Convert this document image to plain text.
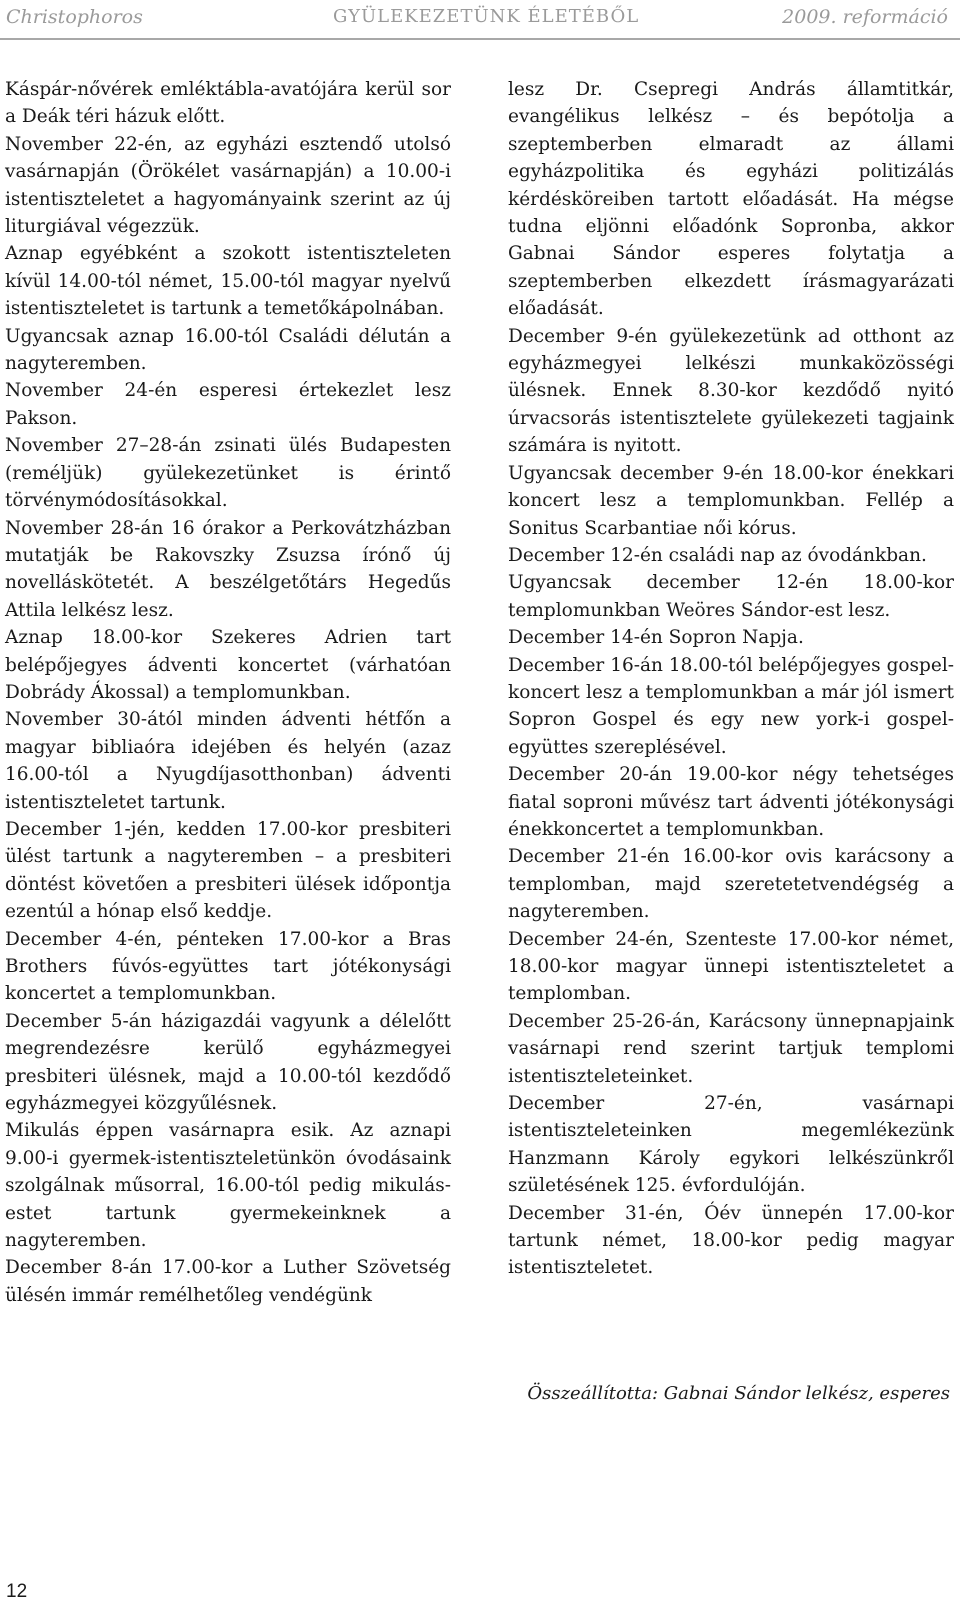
Christophoros	GYÜLEKEZETÜNK ÉLETÉBŐL	2009. reformáció

Káspár-nővérek emléktábla-avatójára kerül sor a Deák téri házuk előtt.

November 22-én, az egyházi esztendő utolsó vasárnapján (Örökélet vasárnapján) a 10.00-i istentiszteletet a hagyományaink szerint az új liturgiával végezzük.

Aznap egyébként a szokott istentiszteleten kívül 14.00-tól német, 15.00-tól magyar nyelvű istentiszteletet is tartunk a temetőkápolnában.

Ugyancsak aznap 16.00-tól Családi délután a nagyteremben.

November 24-én esperesi értekezlet lesz Pakson.

November 27–28-án zsinati ülés Budapesten (reméljük) gyülekezetünket is érintő törvénymódosításokkal.

November 28-án 16 órakor a Perkovátzházban mutatják be Rakovszky Zsuzsa írónő új novelláskötetét. A beszélgetőtárs Hegedűs Attila lelkész lesz.

Aznap 18.00-kor Szekeres Adrien tart belépőjegyes ádventi koncertet (várhatóan Dobrády Ákossal) a templomunkban.

November 30-ától minden ádventi hétfőn a magyar bibliaóra idejében és helyén (azaz 16.00-tól a Nyugdíjasotthonban) ádventi istentiszteletet tartunk.

December 1-jén, kedden 17.00-kor presbiteri ülést tartunk a nagyteremben – a presbiteri döntést követően a presbiteri ülések időpontja ezentúl a hónap első keddje.

December 4-én, pénteken 17.00-kor a Bras Brothers fúvós-együttes tart jótékonysági koncertet a templomunkban.

December 5-án házigazdái vagyunk a délelőtt megrendezésre kerülő egyházmegyei presbiteri ülésnek, majd a 10.00-tól kezdődő egyházmegyei közgyűlésnek.

Mikulás éppen vasárnapra esik. Az aznapi 9.00-i gyermek-istentiszteletünkön óvodásaink szolgálnak műsorral, 16.00-tól pedig mikulás-estet tartunk gyermekeinknek a nagyteremben.

December 8-án 17.00-kor a Luther Szövetség ülésén immár remélhetőleg vendégünk

lesz Dr. Csepregi András államtitkár, evangélikus lelkész – és bepótolja a szeptemberben elmaradt az állami egyházpolitika és egyházi politizálás kérdésköreiben tartott előadását. Ha mégse tudna eljönni előadónk Sopronba, akkor Gabnai Sándor esperes folytatja a szeptemberben elkezdett írásmagyarázati előadását.

December 9-én gyülekezetünk ad otthont az egyházmegyei lelkészi munkaközösségi ülésnek. Ennek 8.30-kor kezdődő nyitó úrvacsorás istentisztelete gyülekezeti tagjaink számára is nyitott.

Ugyancsak december 9-én 18.00-kor énekkari koncert lesz a templomunkban. Fellép a Sonitus Scarbantiae női kórus.

December 12-én családi nap az óvodánkban.

Ugyancsak december 12-én 18.00-kor templomunkban Weöres Sándor-est lesz.

December 14-én Sopron Napja.

December 16-án 18.00-tól belépőjegyes gospel-koncert lesz a templomunkban a már jól ismert Sopron Gospel és egy new york-i gospel-együttes szereplésével.

December 20-án 19.00-kor négy tehetséges fiatal soproni művész tart ádventi jótékonysági énekkoncertet a templomunkban.

December 21-én 16.00-kor ovis karácsony a templomban, majd szeretetetvendégség a nagyteremben.

December 24-én, Szenteste 17.00-kor német, 18.00-kor magyar ünnepi istentiszteletet a templomban.

December 25-26-án, Karácsony ünnepnapjaink vasárnapi rend szerint tartjuk templomi istentiszteleteinket.

December 27-én, vasárnapi istentiszteleteinken megemlékezünk Hanzmann Károly egykori lelkészünkről születésének 125. évfordulóján.

December 31-én, Óév ünnepén 17.00-kor tartunk német, 18.00-kor pedig magyar istentiszteletet.

Összeállította: Gabnai Sándor lelkész, esperes
12
